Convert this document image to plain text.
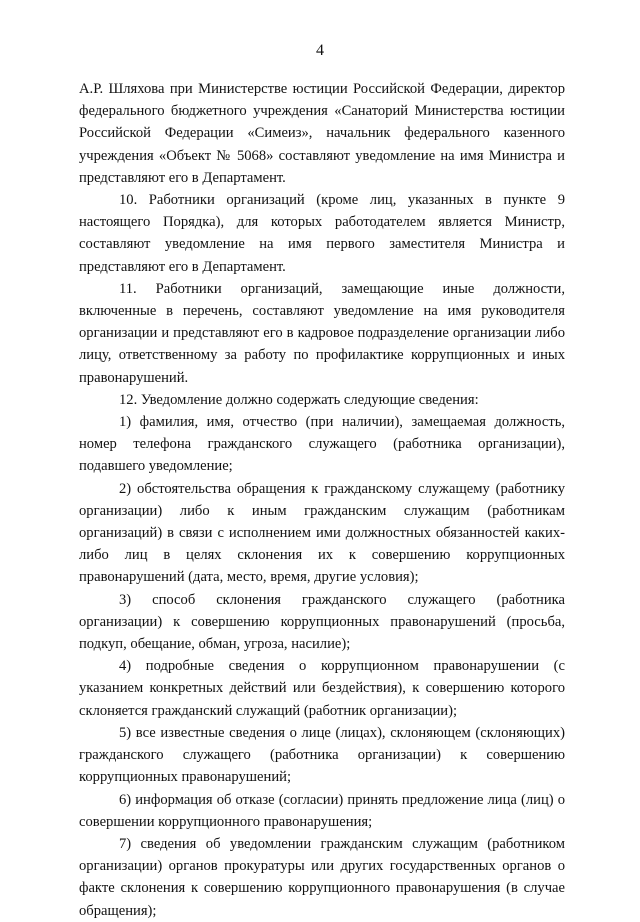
4

А.Р. Шляхова при Министерстве юстиции Российской Федерации, директор федерального бюджетного учреждения «Санаторий Министерства юстиции Российской Федерации «Симеиз», начальник федерального казенного учреждения «Объект № 5068» составляют уведомление на имя Министра и представляют его в Департамент.

10. Работники организаций (кроме лиц, указанных в пункте 9 настоящего Порядка), для которых работодателем является Министр, составляют уведомление на имя первого заместителя Министра и представляют его в Департамент.

11. Работники организаций, замещающие иные должности, включенные в перечень, составляют уведомление на имя руководителя организации и представляют его в кадровое подразделение организации либо лицу, ответственному за работу по профилактике коррупционных и иных правонарушений.

12. Уведомление должно содержать следующие сведения:

1) фамилия, имя, отчество (при наличии), замещаемая должность, номер телефона гражданского служащего (работника организации), подавшего уведомление;

2) обстоятельства обращения к гражданскому служащему (работнику организации) либо к иным гражданским служащим (работникам организаций) в связи с исполнением ими должностных обязанностей каких-либо лиц в целях склонения их к совершению коррупционных правонарушений (дата, место, время, другие условия);

3) способ склонения гражданского служащего (работника организации) к совершению коррупционных правонарушений (просьба, подкуп, обещание, обман, угроза, насилие);

4) подробные сведения о коррупционном правонарушении (с указанием конкретных действий или бездействия), к совершению которого склоняется гражданский служащий (работник организации);

5) все известные сведения о лице (лицах), склоняющем (склоняющих) гражданского служащего (работника организации) к совершению коррупционных правонарушений;

6) информация об отказе (согласии) принять предложение лица (лиц) о совершении коррупционного правонарушения;

7) сведения об уведомлении гражданским служащим (работником организации) органов прокуратуры или других государственных органов о факте склонения к совершению коррупционного правонарушения (в случае обращения);
